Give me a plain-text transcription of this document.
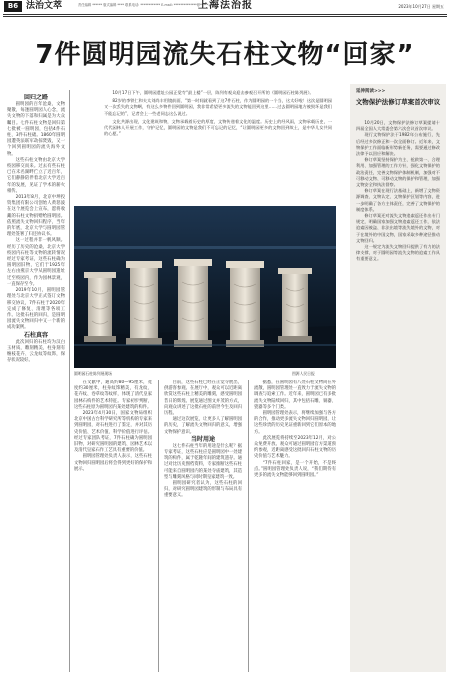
B6 法治文萃	责任编辑 ****** 版式编辑 **** 联系电话: ************ E-mail: **************@*****.com
上海法治报	2023年10月27日 星期五
7件圆明园流失石柱文物“回家”

回归之路

圆明园的百年沧桑，文物聚散，每逢圆明园人心念，流失文物的下落和归属是为大众瞩目。七件石柱文物是回归第七批被一圆明园，包括4件石柱、3件石柱础。1860年圆明园遭英法联军劫掠焚毁，又一个回到圆明园的流失海外文物。

这些石柱文物由北京大学校园移交而来。过去有些石柱已在未名湖畔伫立了近百年，它们静静陪伴着北京大学近百年的发展，见证了学术的薪火相传。

2013年8月，北京中坤投资集团有限公司创始人黄怒波在这个展览会上宣布，愿将收藏的石柱文物捐赠给圆明园。依照流失文物回归程序，当年的年底，北京大学与圆明园管理处签署了归还协议书。

这一过程并非一帆风顺。经历了历史的沧桑，北京大学校园内石柱等文物的流转情况经过专家考证，这些石柱确为圆明园旧物，它们于1925年左右由燕京大学从圆明园遗址迁至校园内，作为园林景观，一直保存至今。

2019年10月，圆明园管理处与北京大学正式签订文物移交协议，7件石柱于2020年完成了修复、清理等各项工作。这批石柱的回归，是圆明园流失文物回归中又一个新的成功案例。

石柱真容

此次回归的石柱均为汉白玉材质，雕刻精美，柱身刻有缠枝花卉、云龙纹等纹饰，保存状况较好。

10月17日下午，圆明园遗址公园正觉寺“最上楼”一层，陈列有观众迎击参观召开所的《圆明园石柱陈列展》。

82岁的李铁仁和夫太刘尚丰用镜前面，“第一时间就看到了这7件石柱，作为圆明园的一个当，这太好啦！这次是圆明园又一次丢失的文物啊，有这么多物件回到圆明园，我非常希望更多流失的文物能回到这里……过去圆明园地方被毁坏是我们不能忘记的”，记者会上一些老同志这么说过。

文化共源出现，文化建筑和物，文物承载着历史的厚度，文物传递着文化的温度。历史上的经风雨，文物承载历史，一代代园林人开展工作，守护记忆，圆明园的文物是我们不可忘记的记忆，“让圆明园更多的文物回到故土，是中华儿女共同的心愿。”

圆明园石柱陈列展现场	图源人民日报

在文献中，通高约80—95厘米，宽度约30厘米，柱身纹饰精美，有龙纹、花卉纹、卷草纹等纹样，体现了清代皇家园林石构件的艺术特征。专家初步判断，这些石柱原为圆明园内某处建筑的构件。

2023年4月30日，国家文物局组织北京中国古台科学研究所等机构的专家来到圆明园，对石柱进行了鉴定，并对其历史价值、艺术价值、科学价值进行评估。经过专家团队考证，7件石柱确为圆明园旧物，对研究圆明园的建筑、园林艺术以及清代皇家石作工艺具有重要的价值。

圆明园管理处负责人表示，这些石柱文物回归圆明园后将会得到更好的保护和展示。

目前，这些石柱已经在正觉寺展出，供游客参观。在展厅中，观众可以近距离欣赏这些石柱上精美的雕刻，感受圆明园昔日的辉煌。展览通过图文并茂的方式，向观众讲述了这批石柱的前世今生及回归历程。

通过这次展览，让更多人了解圆明园的历史，了解流失文物回归的意义，增强文物保护意识。

当时用途

这七件石柱当年的用途是什么呢？据专家考证，这些石柱应是圆明园中一处建筑的构件，属于乾隆年间的建筑遗存。通过对比历史图档资料，专家推断这些石柱可能来自圆明园内的某处寺庙建筑，其造型与雕刻风格与同时期皇家建筑一致。

圆明园研究者认为，这些石柱的回归，对研究圆明园建筑的形制与布局具有重要意义。

据悉，在圆明园有八处石柱文物尚在外流散，圆明园管理处一直致力于流失文物的调查与追索工作。近年来，圆明园已有多批流失文物陆续回归，其中包括石雕、铜器、瓷器等多个门类。

圆明园管理处表示，将继续加强与各方的合作，推动更多流失文物回归圆明园，让这些珍贵的历史见证重新回到它们原本的地方。

此次展览将持续至2023年12月，对公众免费开放。观众可通过圆明园官方渠道预约参观，近距离感受这批回归石柱文物的历史价值与艺术魅力。

“7件石柱回家，是一个开始，不是终点。”圆明园管理处负责人说，“我们期待有更多的流失文物能够回到圆明园。”

延伸阅读>>>
文物保护法修订草案首次审议

10月20日，文物保护法修订草案提请十四届全国人大常委会第六次会议首次审议。

现行文物保护法于1982年公布施行，先后经过多次修正和一次全面修订。近年来，文物保护工作面临新形势新任务，需要通过修改法律予以回应和解决。

修订草案坚持保护为主、抢救第一、合理利用、加强管理的工作方针，强化文物保护的政治责任，完善文物保护体制机制，加强对不可移动文物、可移动文物的保护和管理，加强文物安全和执法督察。

修订草案在现行法基础上，新增了文物资源调查、文物认定、文物保护区划等内容，进一步明确了各方主体责任，完善了文物保护的制度体系。

修订草案还对流失文物追索返还作出专门规定，明确国家加强文物追索返还工作，依法追索因被盗、非法出境等流失境外的文物，对于在境外的中国文物，国家采取多种途径推动文物回归。

这一规定为流失文物回归提供了有力的法律支撑，对于圆明园等流失文物的追索工作具有重要意义。
